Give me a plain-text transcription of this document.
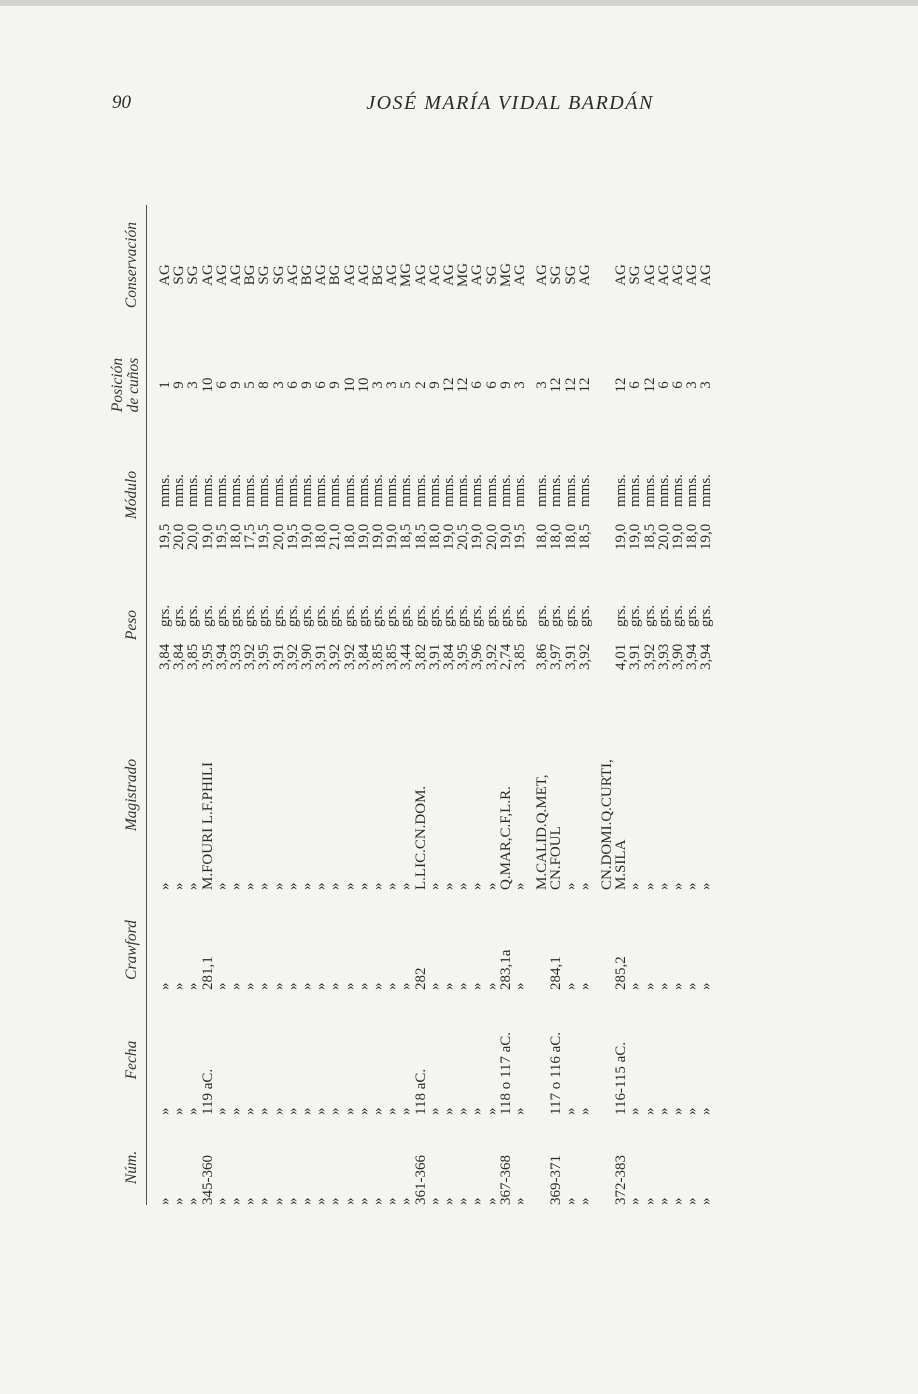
90	JOSÉ MARÍA VIDAL BARDÁN
Núm.
Fecha
Crawford
Magistrado
Peso
Módulo
Posición de cuños
Conservación
»
»
»
»
3,84
grs.
19,5
mms.
1
AG
»
»
»
»
3,84
grs.
20,0
mms.
9
SG
»
»
»
»
3,85
grs.
20,0
mms.
3
SG
345-360
119 aC.
281,1
M.FOURI L.F.PHILI
3,95
grs.
19,0
mms.
10
AG
»
»
»
»
3,94
grs.
19,5
mms.
6
AG
»
»
»
»
3,93
grs.
18,0
mms.
9
AG
»
»
»
»
3,92
grs.
17,5
mms.
5
BG
»
»
»
»
3,95
grs.
19,5
mms.
8
SG
»
»
»
»
3,91
grs.
20,0
mms.
3
SG
»
»
»
»
3,92
grs.
19,5
mms.
6
AG
»
»
»
»
3,90
grs.
19,0
mms.
9
BG
»
»
»
»
3,91
grs.
18,0
mms.
6
AG
»
»
»
»
3,92
grs.
21,0
mms.
9
BG
»
»
»
»
3,92
grs.
18,0
mms.
10
AG
»
»
»
»
3,84
grs.
19,0
mms.
10
AG
»
»
»
»
3,85
grs.
19,0
mms.
3
BG
»
»
»
»
3,85
grs.
19,0
mms.
3
AG
»
»
»
»
3,44
grs.
18,5
mms.
5
MG
361-366
118 aC.
282
L.LIC.CN.DOM.
3,82
grs.
18,5
mms.
2
AG
»
»
»
»
3,91
grs.
18,0
mms.
9
AG
»
»
»
»
3,84
grs.
19,0
mms.
12
AG
»
»
»
»
3,95
grs.
20,5
mms.
12
MG
»
»
»
»
3,96
grs.
19,0
mms.
6
AG
»
»
»
»
3,92
grs.
20,0
mms.
6
SG
367-368
118 o 117 aC.
283,1a
Q.MAR,C.F,L.R.
2,74
grs.
19,0
mms.
9
MG
»
»
»
»
3,85
grs.
19,5
mms.
3
AG
M.CALID.Q.MET,
3,86
grs.
18,0
mms.
3
AG
369-371
117 o 116 aC.
284,1
CN.FOUL
3,97
grs.
18,0
mms.
12
SG
»
»
»
»
3,91
grs.
18,0
mms.
12
SG
»
»
»
»
3,92
grs.
18,5
mms.
12
AG
CN.DOMI.Q.CURTI,
372-383
116-115 aC.
285,2
M.SILA
4,01
grs.
19,0
mms.
12
AG
»
»
»
»
3,91
grs.
19,0
mms.
6
SG
»
»
»
»
3,92
grs.
18,5
mms.
12
AG
»
»
»
»
3,93
grs.
20,0
mms.
6
AG
»
»
»
»
3,90
grs.
19,0
mms.
6
AG
»
»
»
»
3,94
grs.
18,0
mms.
3
AG
»
»
»
»
3,94
grs.
19,0
mms.
3
AG
